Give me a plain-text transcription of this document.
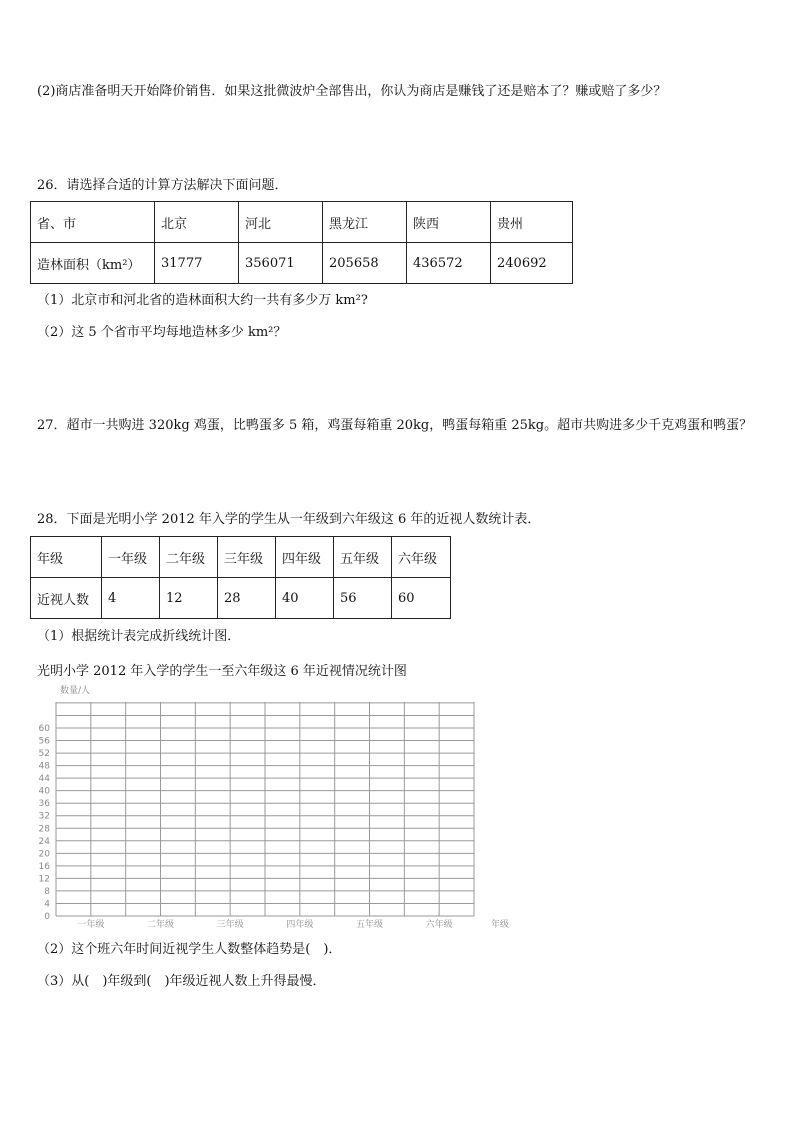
(2)商店准备明天开始降价销售．如果这批微波炉全部售出，你认为商店是赚钱了还是赔本了？赚或赔了多少？
26．请选择合适的计算方法解决下面问题．
省、市	北京	河北	黑龙江	陕西	贵州
造林面积（km²）	31777	356071	205658	436572	240692
（1）北京市和河北省的造林面积大约一共有多少万 km²?
（2）这 5 个省市平均每地造林多少 km²？
27．超市一共购进 320kg 鸡蛋，比鸭蛋多 5 箱，鸡蛋每箱重 20kg，鸭蛋每箱重 25kg。超市共购进多少千克鸡蛋和鸭蛋？
28．下面是光明小学 2012 年入学的学生从一年级到六年级这 6 年的近视人数统计表．
年级	一年级	二年级	三年级	四年级	五年级	六年级
近视人数	4	12	28	40	56	60
（1）根据统计表完成折线统计图．
光明小学 2012 年入学的学生一至六年级这 6 年近视情况统计图
0
4
8
12
16
20
24
28
32
36
40
44
48
52
56
60
一年级	二年级	三年级	四年级	五年级	六年级
数量/人
年级
（2）这个班六年时间近视学生人数整体趋势是(　)．
（3）从(　)年级到(　)年级近视人数上升得最慢．
